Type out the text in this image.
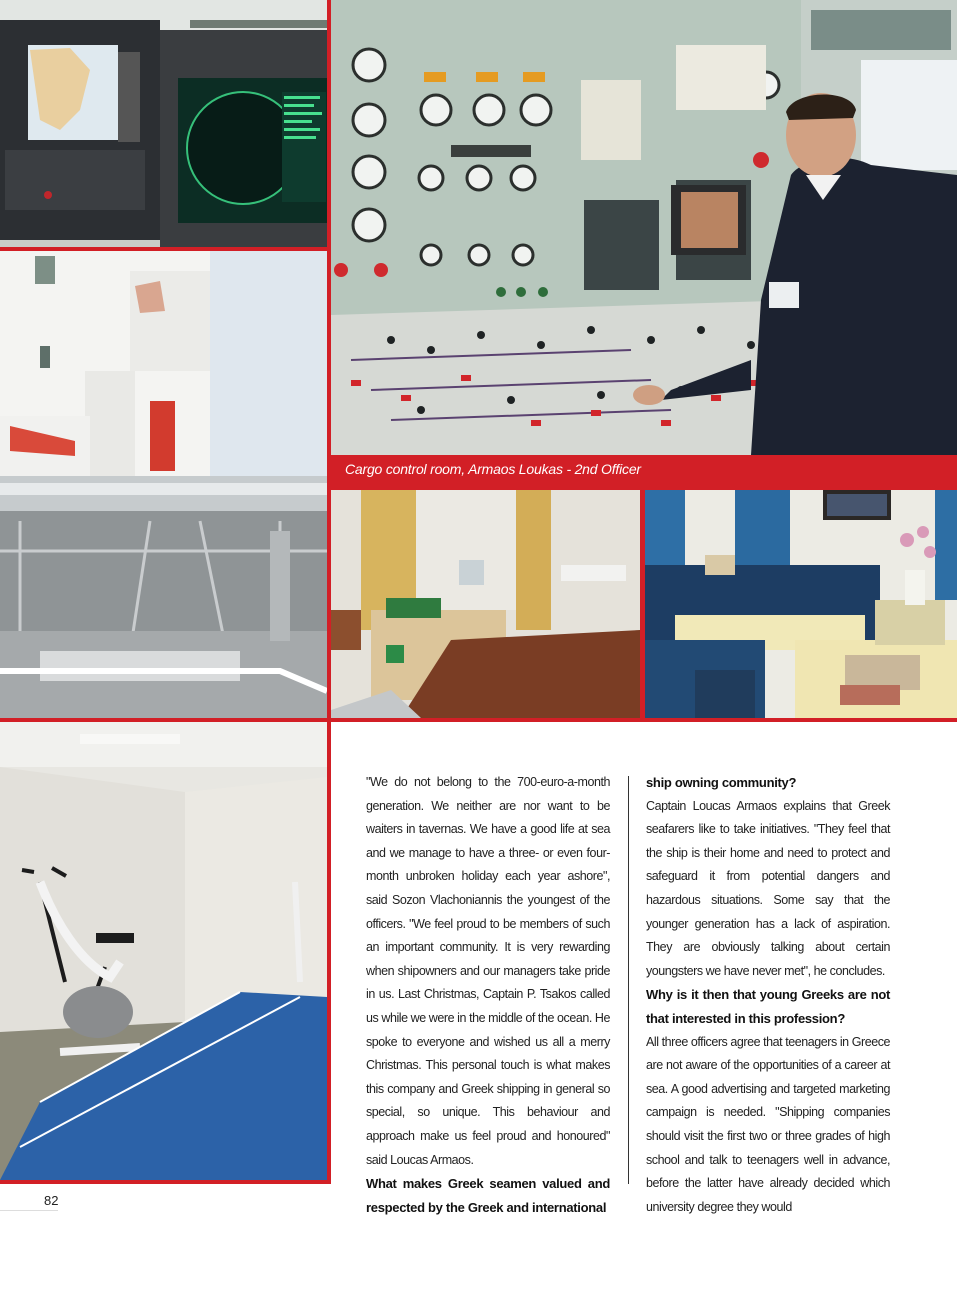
Cargo control room, Armaos Loukas - 2nd Officer

"We do not belong to the 700-euro-a-month generation. We neither are nor want to be waiters in tavernas. We have a good life at sea and we manage to have a three- or even four-month unbroken holiday each year ashore", said Sozon Vlachoniannis the youngest of the officers. "We feel proud to be members of such an important community. It is very rewarding when shipowners and our managers take pride in us. Last Christmas, Captain P. Tsakos called us while we were in the middle of the ocean. He spoke to everyone and wished us all a merry Christmas. This personal touch is what makes this company and Greek shipping in general so special, so unique. This behaviour and approach make us feel proud and honoured" said Loucas Armaos.

What makes Greek seamen valued and respected by the Greek and international
ship owning community?

Captain Loucas Armaos explains that Greek seafarers like to take initiatives. "They feel that the ship is their home and need to protect and safeguard it from potential dangers and hazardous situations. Some say that the younger generation has a lack of aspiration. They are obviously talking about certain youngsters we have never met", he concludes.

Why is it then that young Greeks are not that interested in this profession?

All three officers agree that teenagers in Greece are not aware of the opportunities of a career at sea. A good advertising and targeted marketing campaign is needed. "Shipping companies should visit the first two or three grades of high school and talk to teenagers well in advance, before the latter have already decided which university degree they would

82
